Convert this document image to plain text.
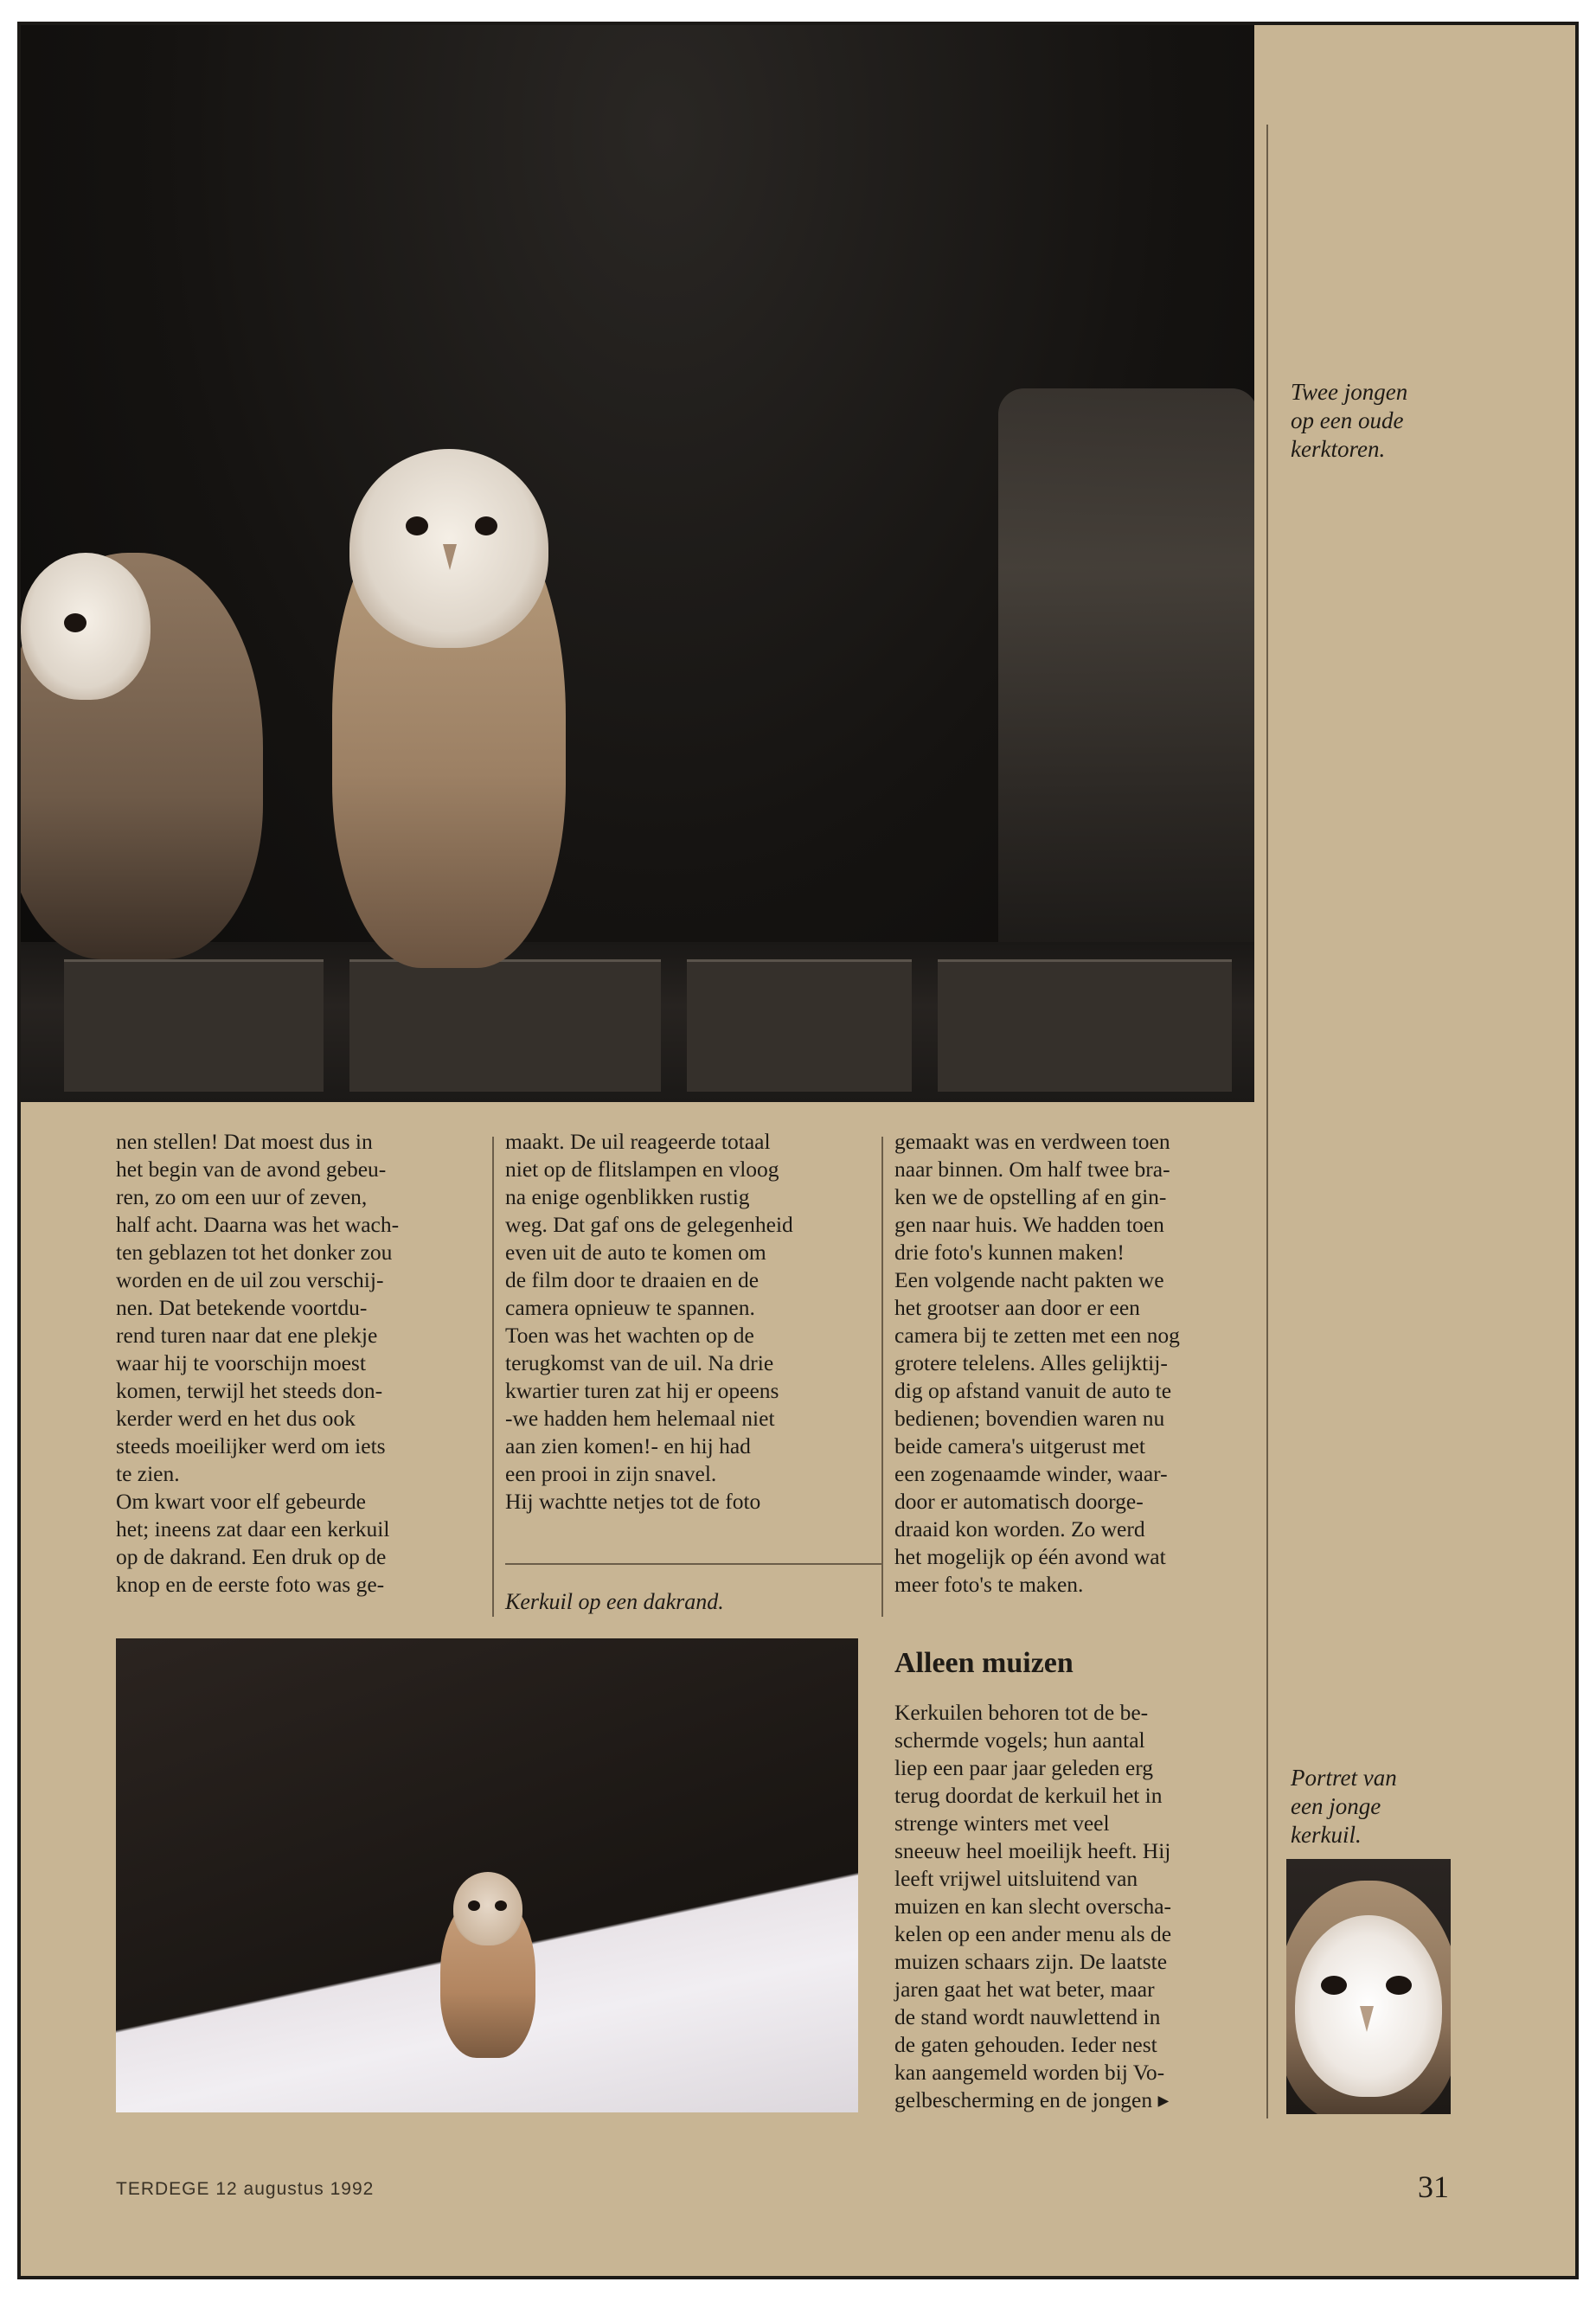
Twee jongen
op een oude
kerktoren.

nen stellen! Dat moest dus in

het begin van de avond gebeu-

ren, zo om een uur of zeven,

half acht. Daarna was het wach-

ten geblazen tot het donker zou

worden en de uil zou verschij-

nen. Dat betekende voortdu-

rend turen naar dat ene plekje

waar hij te voorschijn moest

komen, terwijl het steeds don-

kerder werd en het dus ook

steeds moeilijker werd om iets

te zien.

Om kwart voor elf gebeurde

het; ineens zat daar een kerkuil

op de dakrand. Een druk op de

knop en de eerste foto was ge-

maakt. De uil reageerde totaal

niet op de flitslampen en vloog

na enige ogenblikken rustig

weg. Dat gaf ons de gelegenheid

even uit de auto te komen om

de film door te draaien en de

camera opnieuw te spannen.

Toen was het wachten op de

terugkomst van de uil. Na drie

kwartier turen zat hij er opeens

-we hadden hem helemaal niet

aan zien komen!- en hij had

een prooi in zijn snavel.

Hij wachtte netjes tot de foto

Kerkuil op een dakrand.

gemaakt was en verdween toen

naar binnen. Om half twee bra-

ken we de opstelling af en gin-

gen naar huis. We hadden toen

drie foto's kunnen maken!

Een volgende nacht pakten we

het grootser aan door er een

camera bij te zetten met een nog

grotere telelens. Alles gelijktij-

dig op afstand vanuit de auto te

bedienen; bovendien waren nu

beide camera's uitgerust met

een zogenaamde winder, waar-

door er automatisch doorge-

draaid kon worden. Zo werd

het mogelijk op één avond wat

meer foto's te maken.

Alleen muizen

Kerkuilen behoren tot de be-

schermde vogels; hun aantal

liep een paar jaar geleden erg

terug doordat de kerkuil het in

strenge winters met veel

sneeuw heel moeilijk heeft. Hij

leeft vrijwel uitsluitend van

muizen en kan slecht overscha-

kelen op een ander menu als de

muizen schaars zijn. De laatste

jaren gaat het wat beter, maar

de stand wordt nauwlettend in

de gaten gehouden. Ieder nest

kan aangemeld worden bij Vo-

gelbescherming en de jongen ▸

Portret van
een jonge
kerkuil.
TERDEGE 12 augustus 1992	31
